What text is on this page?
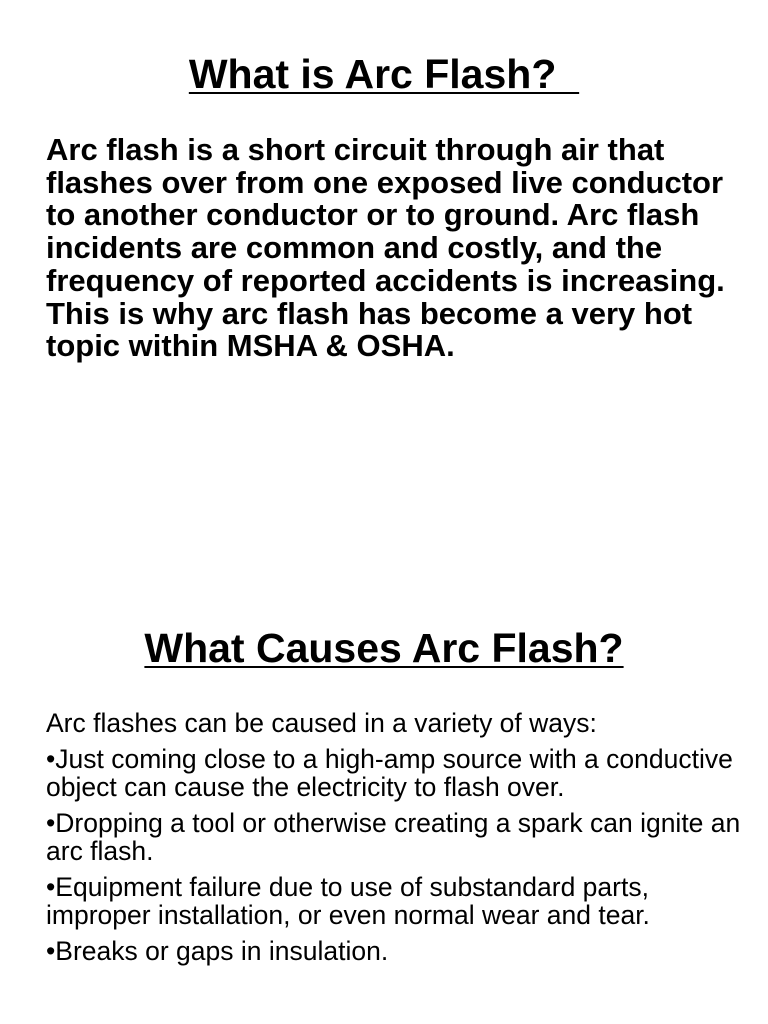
What is Arc Flash?

Arc flash is a short circuit through air that flashes over from one exposed live conductor to another conductor or to ground. Arc flash incidents are common and costly, and the frequency of reported accidents is increasing. This is why arc flash has become a very hot topic within MSHA & OSHA.

What Causes Arc Flash?

Arc flashes can be caused in a variety of ways:

•Just coming close to a high-amp source with a conductive object can cause the electricity to flash over.

•Dropping a tool or otherwise creating a spark can ignite an arc flash.

•Equipment failure due to use of substandard parts, improper installation, or even normal wear and tear.

•Breaks or gaps in insulation.
